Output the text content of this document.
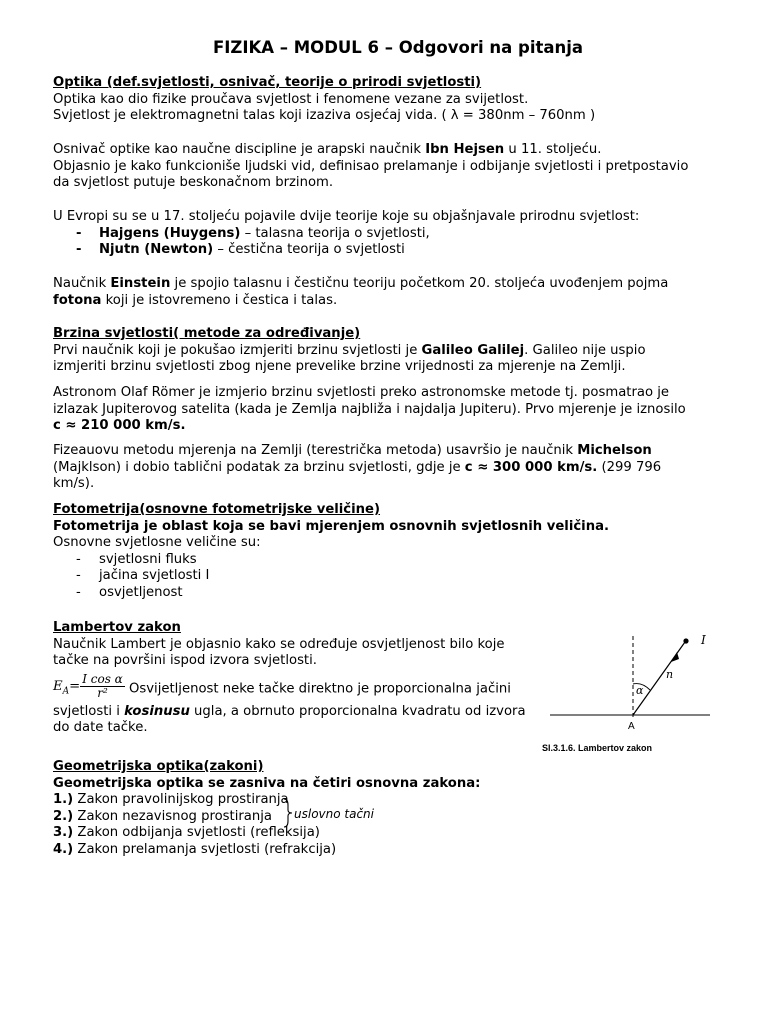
FIZIKA – MODUL 6 – Odgovori na pitanja
Optika (def.svjetlosti, osnivač, teorije o prirodi svjetlosti)
Optika kao dio fizike proučava svjetlost i fenomene vezane za svijetlost.
Svjetlost je elektromagnetni talas koji izaziva osjećaj vida. ( λ = 380nm – 760nm )
Osnivač optike kao naučne discipline je arapski naučnik Ibn Hejsen u 11. stoljeću.
Objasnio je kako funkcioniše ljudski vid, definisao prelamanje i odbijanje svjetlosti i pretpostavio
da svjetlost putuje beskonačnom brzinom.
U Evropi su se u 17. stoljeću pojavile dvije teorije koje su objašnjavale prirodnu svjetlost:
- Hajgens (Huygens) – talasna teorija o svjetlosti,
- Njutn (Newton) – čestična teorija o svjetlosti
Naučnik Einstein je spojio talasnu i čestičnu teoriju početkom 20. stoljeća uvođenjem pojma
fotona koji je istovremeno i čestica i talas.
Brzina svjetlosti( metode za određivanje)
Prvi naučnik koji je pokušao izmjeriti brzinu svjetlosti je Galileo Galilej. Galileo nije uspio
izmjeriti brzinu svjetlosti zbog njene prevelike brzine vrijednosti za mjerenje na Zemlji.
Astronom Olaf Römer je izmjerio brzinu svjetlosti preko astronomske metode tj. posmatrao je
izlazak Jupiterovog satelita (kada je Zemlja najbliža i najdalja Jupiteru). Prvo mjerenje je iznosilo
c ≈ 210 000 km/s.
Fizeauovu metodu mjerenja na Zemlji (terestrička metoda) usavršio je naučnik Michelson
(Majklson) i dobio tablični podatak za brzinu svjetlosti, gdje je c ≈ 300 000 km/s. (299 796
km/s).
Fotometrija(osnovne fotometrijske veličine)
Fotometrija je oblast koja se bavi mjerenjem osnovnih svjetlosnih veličina.
Osnovne svjetlosne veličine su:
- svjetlosni fluks
- jačina svjetlosti I
- osvjetljenost
Lambertov zakon
Naučnik Lambert je objasnio kako se određuje osvjetljenost bilo koje
tačke na površini ispod izvora svjetlosti.
$E_A= \frac{\text{I cos α}}{\text{r²}}$ Osvijetljenost neke tačke direktno je proporcionalna jačini
svjetlosti i kosinusu ugla, a obrnuto proporcionalna kvadratu od izvora
do date tačke.
Geometrijska optika(zakoni)
Geometrijska optika se zasniva na četiri osnovna zakona:
1.) Zakon pravolinijskog prostiranja
2.) Zakon nezavisnog prostiranja
3.) Zakon odbijanja svjetlosti (refleksija)
4.) Zakon prelamanja svjetlosti (refrakcija)
uslovno tačni
I
n
α
A
Sl.3.1.6. Lambertov zakon
